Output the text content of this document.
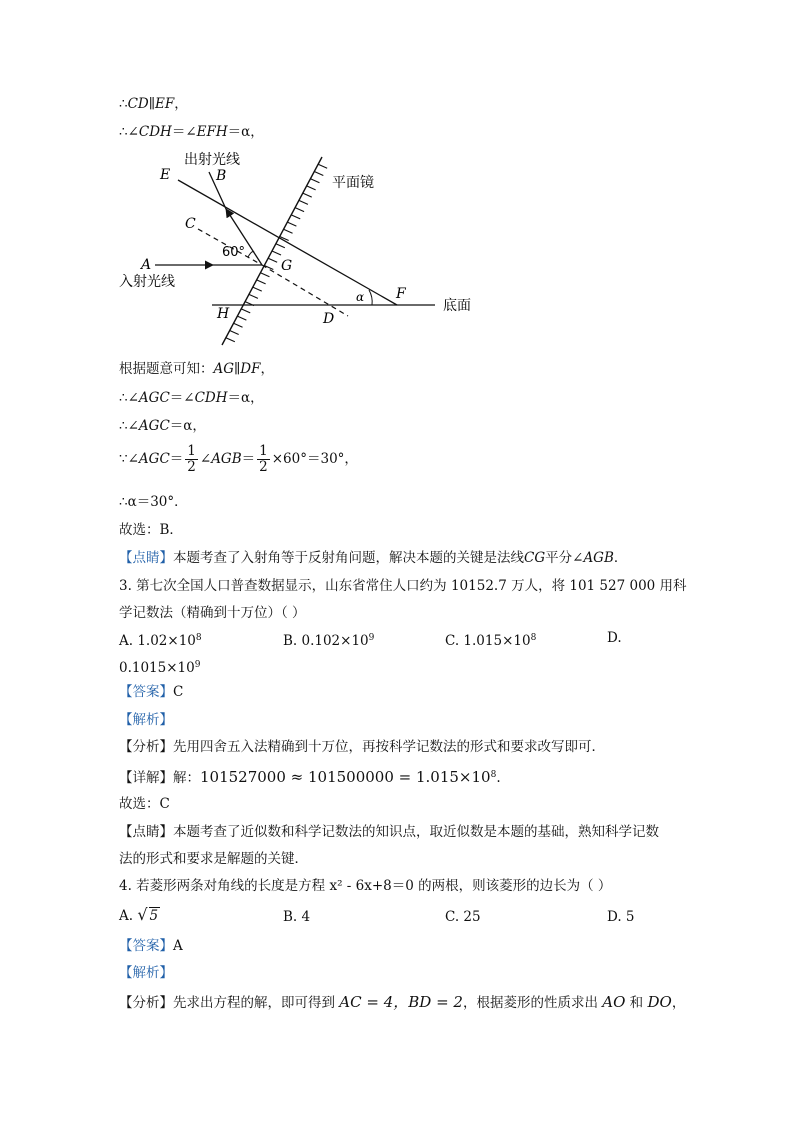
∴CD∥EF，
∴∠CDH＝∠EFH＝α，
出射光线
平面镜
入射光线
底面
E	B
C
A	G
F
H	D
60°
α
根据题意可知：AG∥DF，
∴∠AGC＝∠CDH＝α，
∴∠AGC＝α，
∵∠AGC＝ $\frac{1}{2}$ ∠AGB＝ $\frac{1}{2} \times 60^\circ=30^\circ$，
∴α＝30°．
故选：B．
【点睛】本题考查了入射角等于反射角问题，解决本题的关键是法线CG平分∠AGB．
3. 第七次全国人口普查数据显示，山东省常住人口约为 10152.7 万人，将 101 527 000 用科
学记数法（精确到十万位）（ ）
A. $1.02\times 10^8$	B. $0.102\times 10^9$	C. $1.015\times 10^8$	D.
$0.1015\times 10^9$
【答案】C
【解析】
【分析】先用四舍五入法精确到十万位，再按科学记数法的形式和要求改写即可．
【详解】解：$101527000 \approx 101500000 = 1.015\times 10^8$.
故选：C
【点睛】本题考查了近似数和科学记数法的知识点，取近似数是本题的基础，熟知科学记数
法的形式和要求是解题的关键．
4. 若菱形两条对角线的长度是方程 x² - 6x+8＝0 的两根，则该菱形的边长为（ ）
A. √ 5	B. 4	C. 25	D. 5
【答案】A
【解析】
【分析】先求出方程的解，即可得到 AC = 4，BD = 2，根据菱形的性质求出 AO 和 DO，
